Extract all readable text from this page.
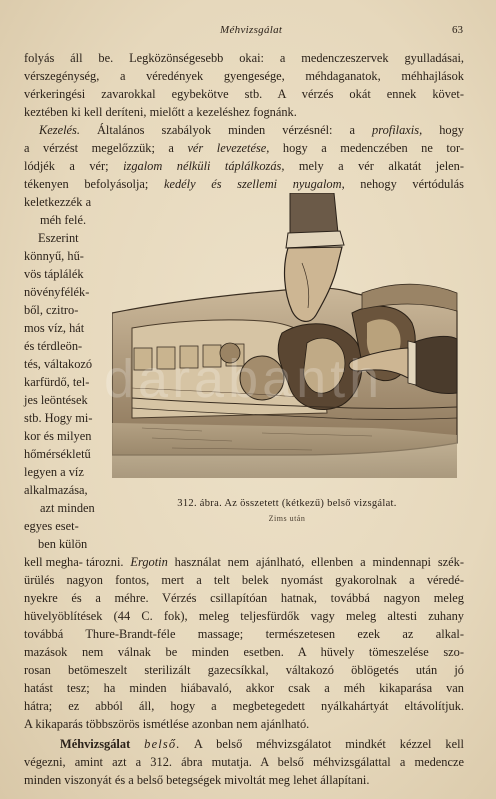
Méhvizsgálat	63
folyás áll be. Legközönségesebb okai: a medenczeszervek gyulladásai,
vérszegénység, a véredények gyengesége, méhdaganatok, méhhajlások
vérkeringési zavarokkal egybekötve stb. A vérzés okát ennek követ-
keztében ki kell deríteni, mielőtt a kezeléshez fognánk.
Kezelés. Általános szabályok minden vérzésnél: a profilaxis, hogy
a vérzést megelőzzük; a vér levezetése, hogy a medenczében ne tor-
lódjék a vér; izgalom nélküli táplálkozás, mely a vér alkatát jelen-
tékenyen befolyásolja; kedély és szellemi nyugalom, nehogy vértódulás
keletkezzék a
méh felé.
Eszerint
könnyű, hű-
vös táplálék
növényfélék-
ből, czitro-
mos víz, hát
és térdleön-
tés, váltakozó
karfürdő, tel-
jes leöntések
stb. Hogy mi-
kor és milyen
hőmérsékletű
legyen a víz
alkalmazása,
azt minden
egyes eset-
ben külön
kell megha-
312. ábra. Az összetett (kétkezű) belső vizsgálat.
Zims után
tározni. Ergotin használat nem ajánlható, ellenben a mindennapi szék-
ürülés nagyon fontos, mert a telt belek nyomást gyakorolnak a véredé-
nyekre és a méhre. Vérzés csillapítóan hatnak, továbbá nagyon meleg
hüvelyöblítések (44 C. fok), meleg teljesfürdők vagy meleg altesti zuhany
továbbá Thure-Brandt-féle massage; természetesen ezek az alkal-
mazások nem válnak be minden esetben. A hüvely tömeszelése szo-
rosan betömeszelt sterilizált gazecsíkkal, váltakozó öblögetés után jó
hatást tesz; ha minden hiábavaló, akkor csak a méh kikaparása van
hátra; ez abból áll, hogy a megbetegedett nyálkahártyát eltávolítjuk.
A kikaparás többszörös ismétlése azonban nem ajánlható.
Méhvizsgálat belső. A belső méhvizsgálatot mindkét kézzel kell
végezni, amint azt a 312. ábra mutatja. A belső méhvizsgálattal a medencze
minden viszonyát és a belső betegségek mivoltát meg lehet állapítani.
darabanth
